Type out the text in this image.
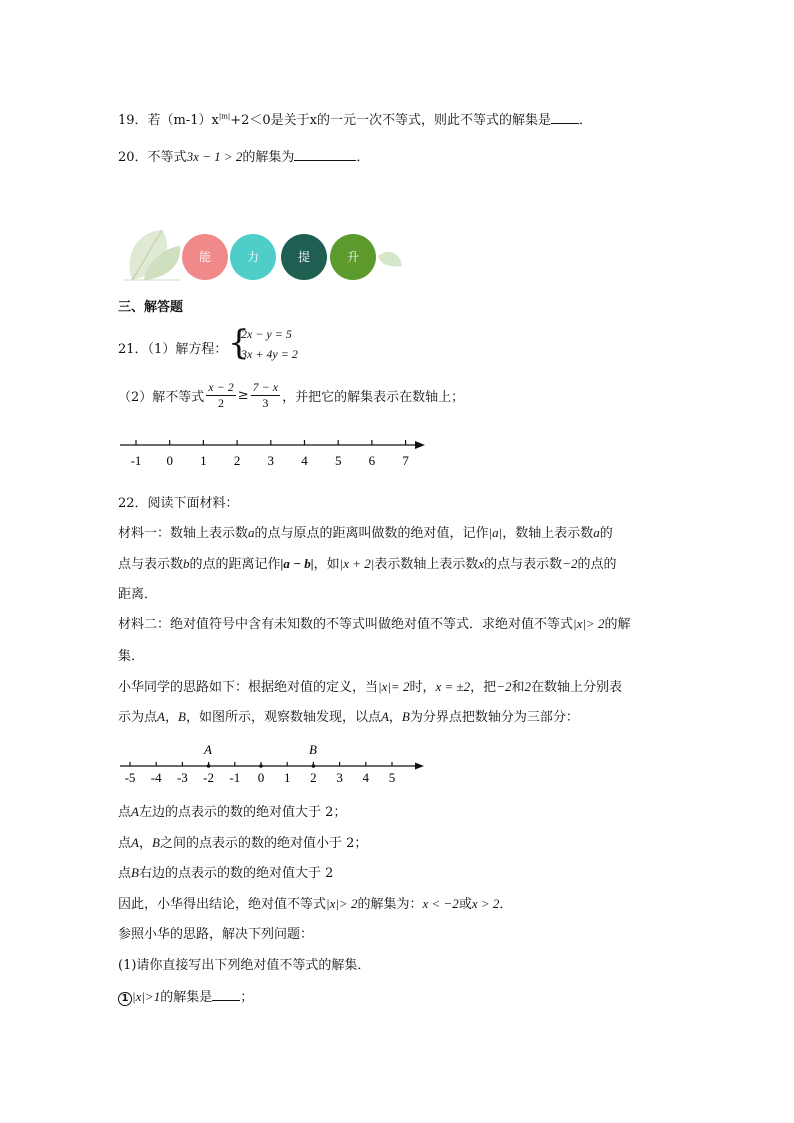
19．若$(m-1)x^{|m|}+2<0$是关于x的一元一次不等式，则此不等式的解集是 ．
20．不等式3x − 1 > 2的解集为	．
能	力	提	升
三、解答题
21．（1）解方程： {
2x − y = 5
3x + 4y = 2
（2）解不等式 $\frac{x - 2}{2} \ge \frac{7 - x}{3}$ ，并把它的解集表示在数轴上；
-1 0 1 2 3 4 5 6 7
22．阅读下面材料：
材料一：数轴上表示数a的点与原点的距离叫做数的绝对值，记作|a|，数轴上表示数a的
点与表示数b的点的距离记作|a − b|，如|x + 2|表示数轴上表示数x的点与表示数−2的点的
距离．
材料二：绝对值符号中含有未知数的不等式叫做绝对值不等式．求绝对值不等式|x|> 2的解
集．
小华同学的思路如下：根据绝对值的定义，当|x|= 2时，x = ±2，把−2和2在数轴上分别表
示为点A，B，如图所示，观察数轴发现，以点A，B为分界点把数轴分为三部分：
A	B
-5 -4 -3 -2 -1 0 1 2 3 4 5
点A左边的点表示的数的绝对值大于 2；
点A，B之间的点表示的数的绝对值小于 2；
点B右边的点表示的数的绝对值大于 2
因此，小华得出结论，绝对值不等式|x|> 2的解集为：x < −2或x > 2．
参照小华的思路，解决下列问题：
(1)请你直接写出下列绝对值不等式的解集．
1 |x|>1的解集是 ；
